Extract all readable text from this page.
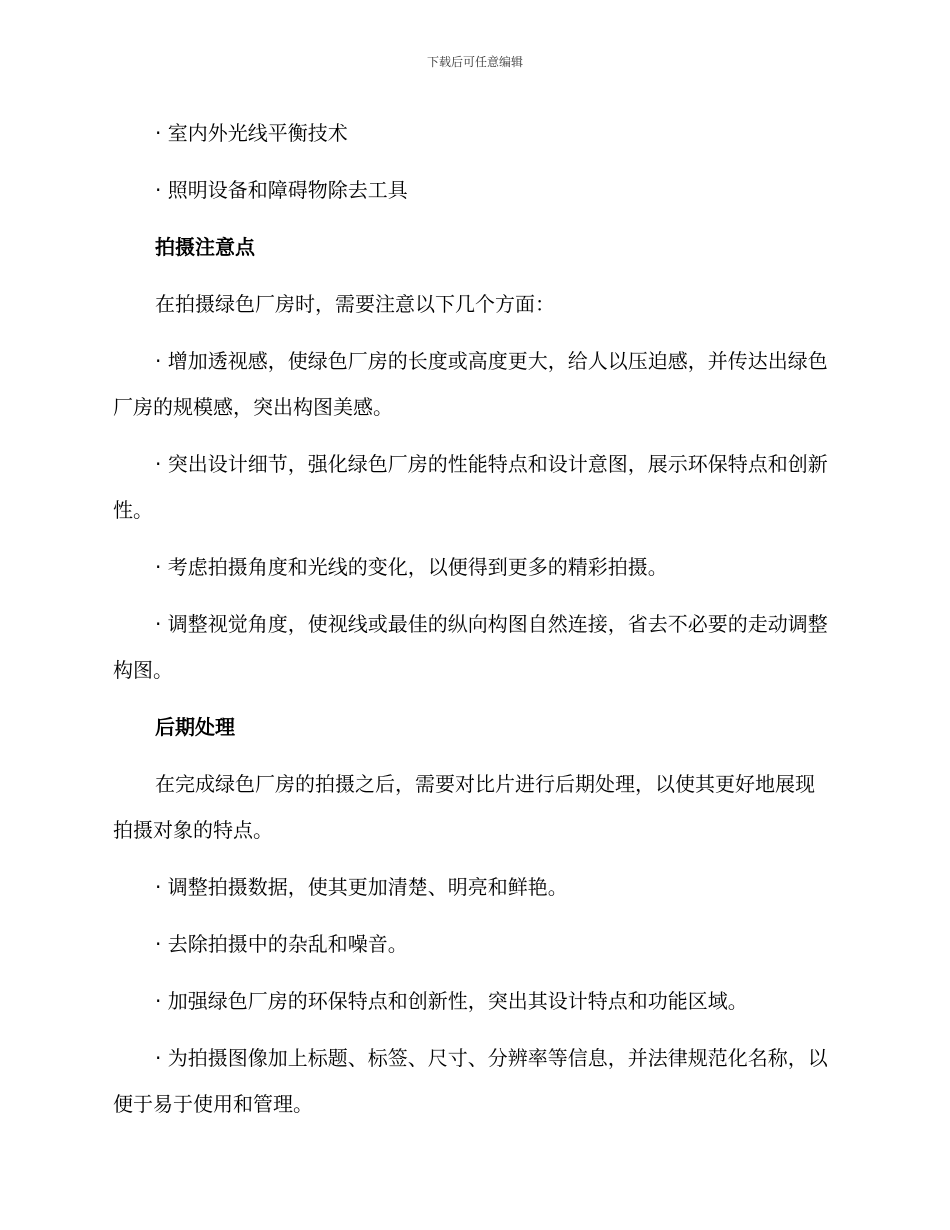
下载后可任意编辑

· 室内外光线平衡技术

· 照明设备和障碍物除去工具

拍摄注意点

在拍摄绿色厂房时，需要注意以下几个方面：

· 增加透视感，使绿色厂房的长度或高度更大，给人以压迫感，并传达出绿色厂房的规模感，突出构图美感。

· 突出设计细节，强化绿色厂房的性能特点和设计意图，展示环保特点和创新性。

· 考虑拍摄角度和光线的变化，以便得到更多的精彩拍摄。

· 调整视觉角度，使视线或最佳的纵向构图自然连接，省去不必要的走动调整构图。

后期处理

在完成绿色厂房的拍摄之后，需要对比片进行后期处理，以使其更好地展现拍摄对象的特点。

· 调整拍摄数据，使其更加清楚、明亮和鲜艳。

· 去除拍摄中的杂乱和噪音。

· 加强绿色厂房的环保特点和创新性，突出其设计特点和功能区域。

· 为拍摄图像加上标题、标签、尺寸、分辨率等信息，并法律规范化名称，以便于易于使用和管理。
